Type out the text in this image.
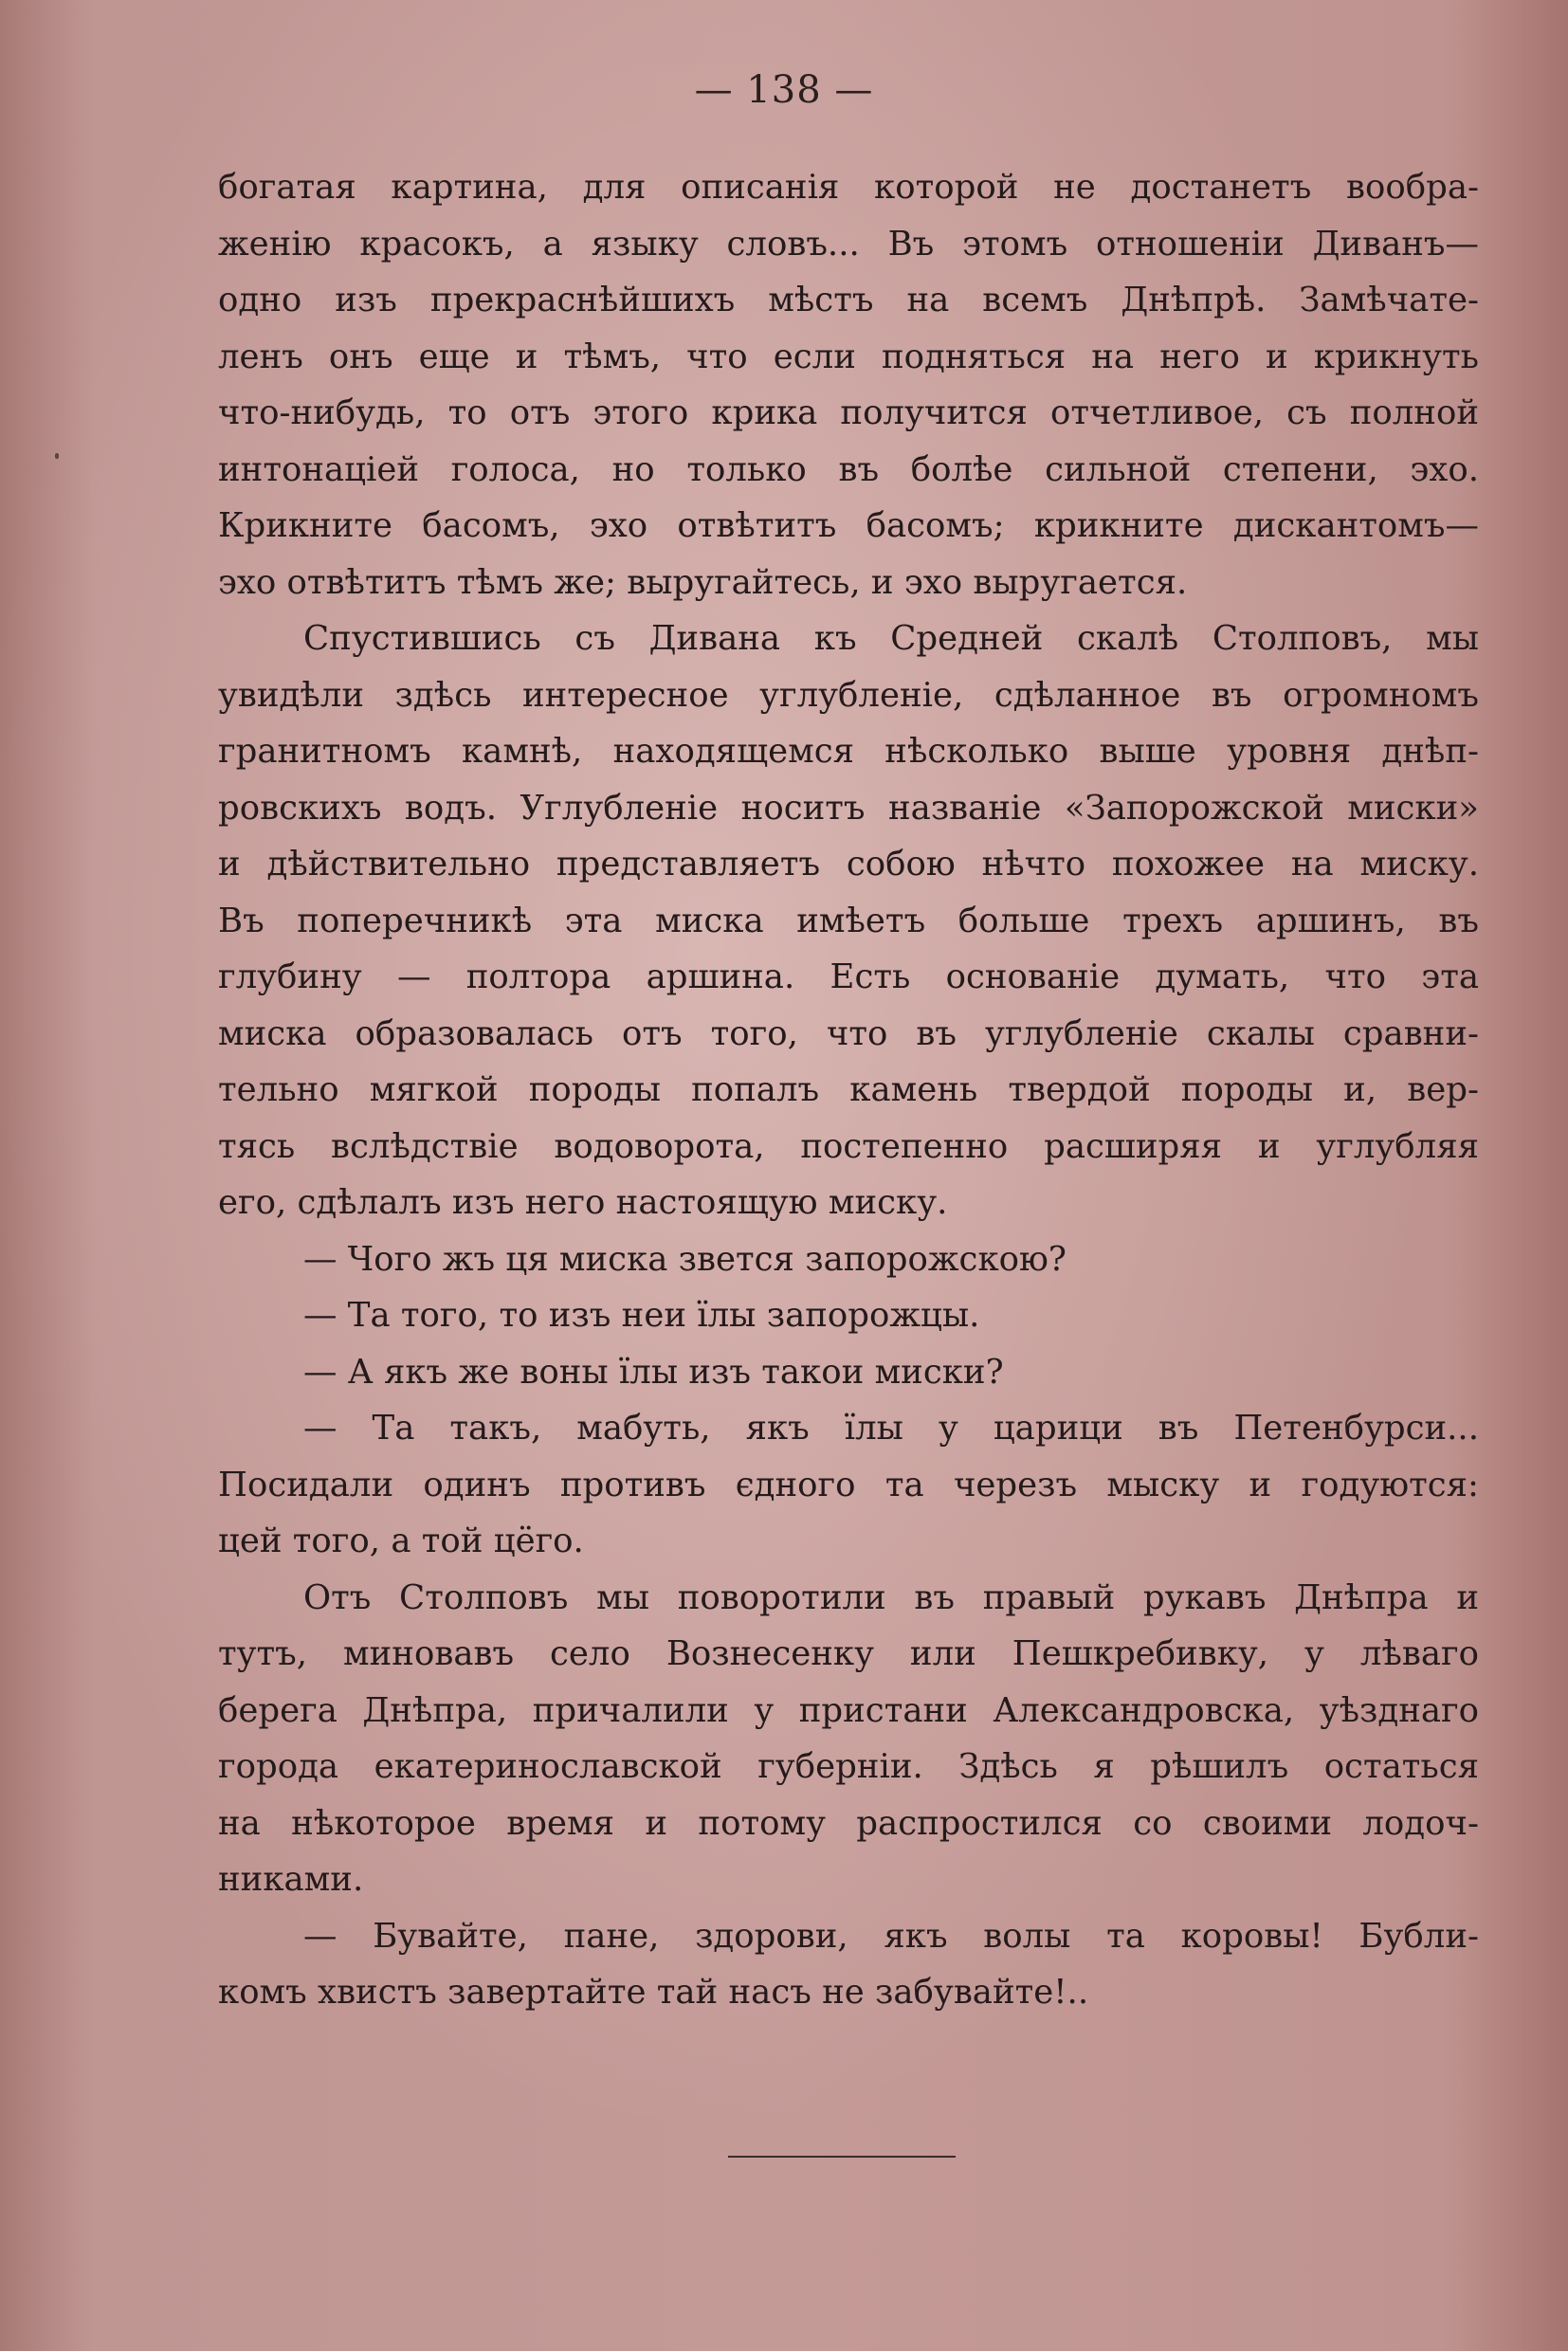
— 138 —
богатая картина, для описанія которой не достанетъ вообра-
женію красокъ, а языку словъ... Въ этомъ отношеніи Диванъ—
одно изъ прекраснѣйшихъ мѣстъ на всемъ Днѣпрѣ. Замѣчате-
ленъ онъ еще и тѣмъ, что если подняться на него и крикнуть
что-нибудь, то отъ этого крика получится отчетливое, съ полной
интонаціей голоса, но только въ болѣе сильной степени, эхо.
Крикните басомъ, эхо отвѣтитъ басомъ; крикните дискантомъ—
эхо отвѣтитъ тѣмъ же; выругайтесь, и эхо выругается.
Спустившись съ Дивана къ Средней скалѣ Столповъ, мы
увидѣли здѣсь интересное углубленіе, сдѣланное въ огромномъ
гранитномъ камнѣ, находящемся нѣсколько выше уровня днѣп-
ровскихъ водъ. Углубленіе носитъ названіе «Запорожской миски»
и дѣйствительно представляетъ собою нѣчто похожее на миску.
Въ поперечникѣ эта миска имѣетъ больше трехъ аршинъ, въ
глубину — полтора аршина. Есть основаніе думать, что эта
миска образовалась отъ того, что въ углубленіе скалы сравни-
тельно мягкой породы попалъ камень твердой породы и, вер-
тясь вслѣдствіе водоворота, постепенно расширяя и углубляя
его, сдѣлалъ изъ него настоящую миску.
— Чого жъ ця миска звется запорожскою?
— Та того, то изъ неи ïлы запорожцы.
— А якъ же воны ïлы изъ такои миски?
— Та такъ, мабуть, якъ ïлы у царици въ Петенбурси...
Посидали одинъ противъ єдного та черезъ мыску и годуются:
цей того, а той цёго.
Отъ Столповъ мы поворотили въ правый рукавъ Днѣпра и
тутъ, миновавъ село Вознесенку или Пешкребивку, у лѣваго
берега Днѣпра, причалили у пристани Александровска, уѣзднаго
города екатеринославской губерніи. Здѣсь я рѣшилъ остаться
на нѣкоторое время и потому распростился со своими лодоч-
никами.
— Бувайте, пане, здорови, якъ волы та коровы! Бубли-
комъ хвистъ завертайте тай насъ не забувайте!..
